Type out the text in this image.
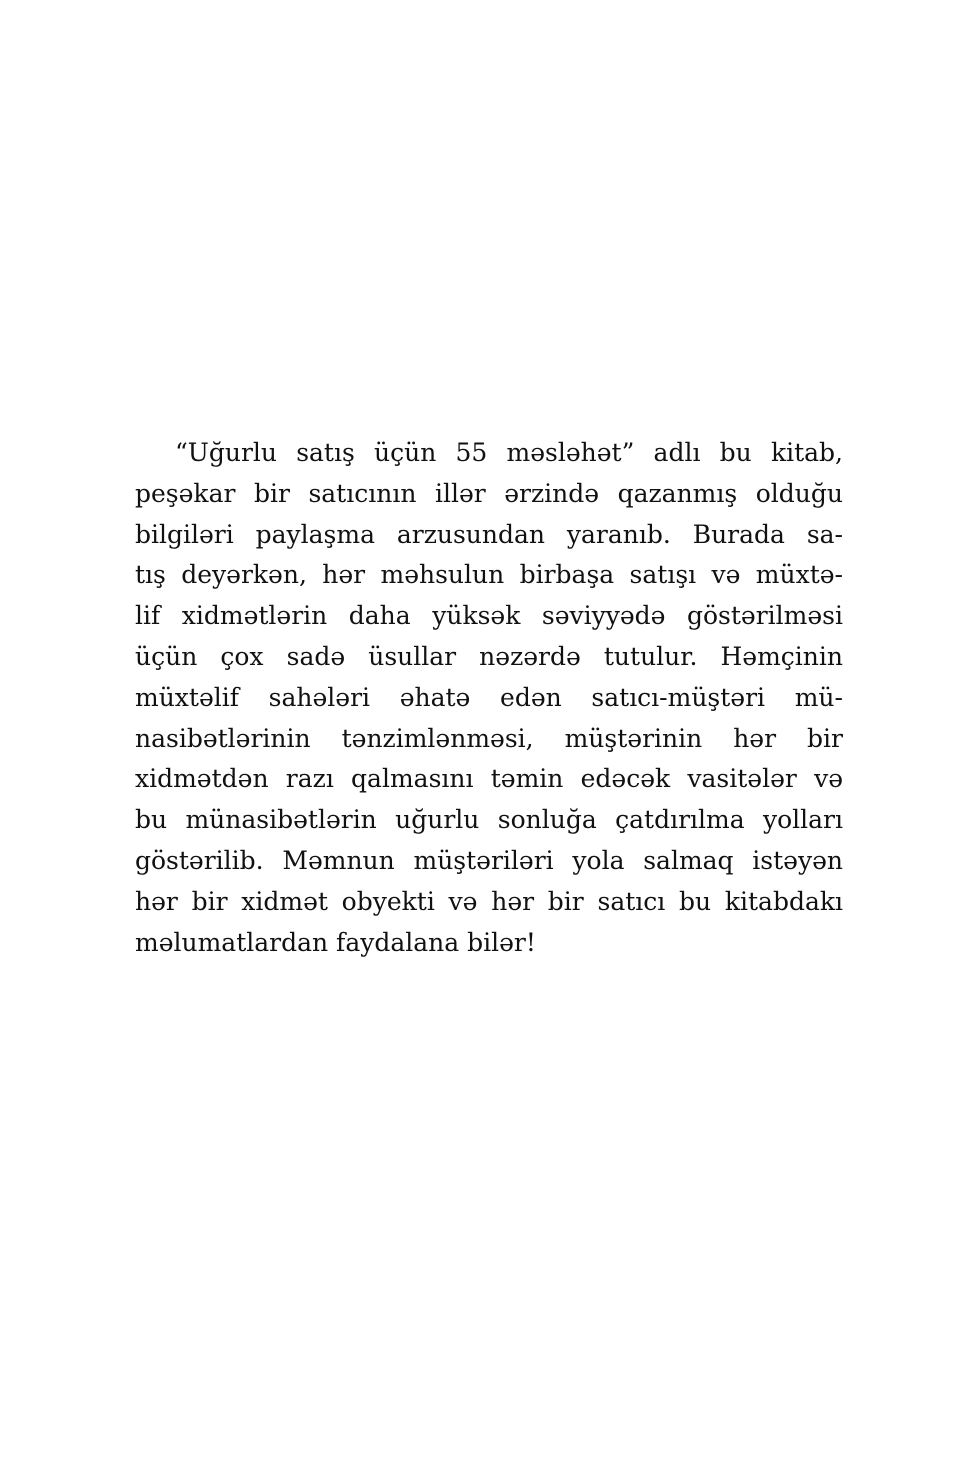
“Uğurlu satış üçün 55 məsləhət” adlı bu kitab,
peşəkar bir satıcının illər ərzində qazanmış olduğu
bilgiləri paylaşma arzusundan yaranıb. Burada sa-
tış deyərkən, hər məhsulun birbaşa satışı və müxtə-
lif xidmətlərin daha yüksək səviyyədə göstərilməsi
üçün çox sadə üsullar nəzərdə tutulur. Həmçinin
müxtəlif sahələri əhatə edən satıcı-müştəri mü-
nasibətlərinin tənzimlənməsi, müştərinin hər bir
xidmətdən razı qalmasını təmin edəcək vasitələr və
bu münasibətlərin uğurlu sonluğa çatdırılma yolları
göstərilib. Məmnun müştəriləri yola salmaq istəyən
hər bir xidmət obyekti və hər bir satıcı bu kitabdakı
məlumatlardan faydalana bilər!
